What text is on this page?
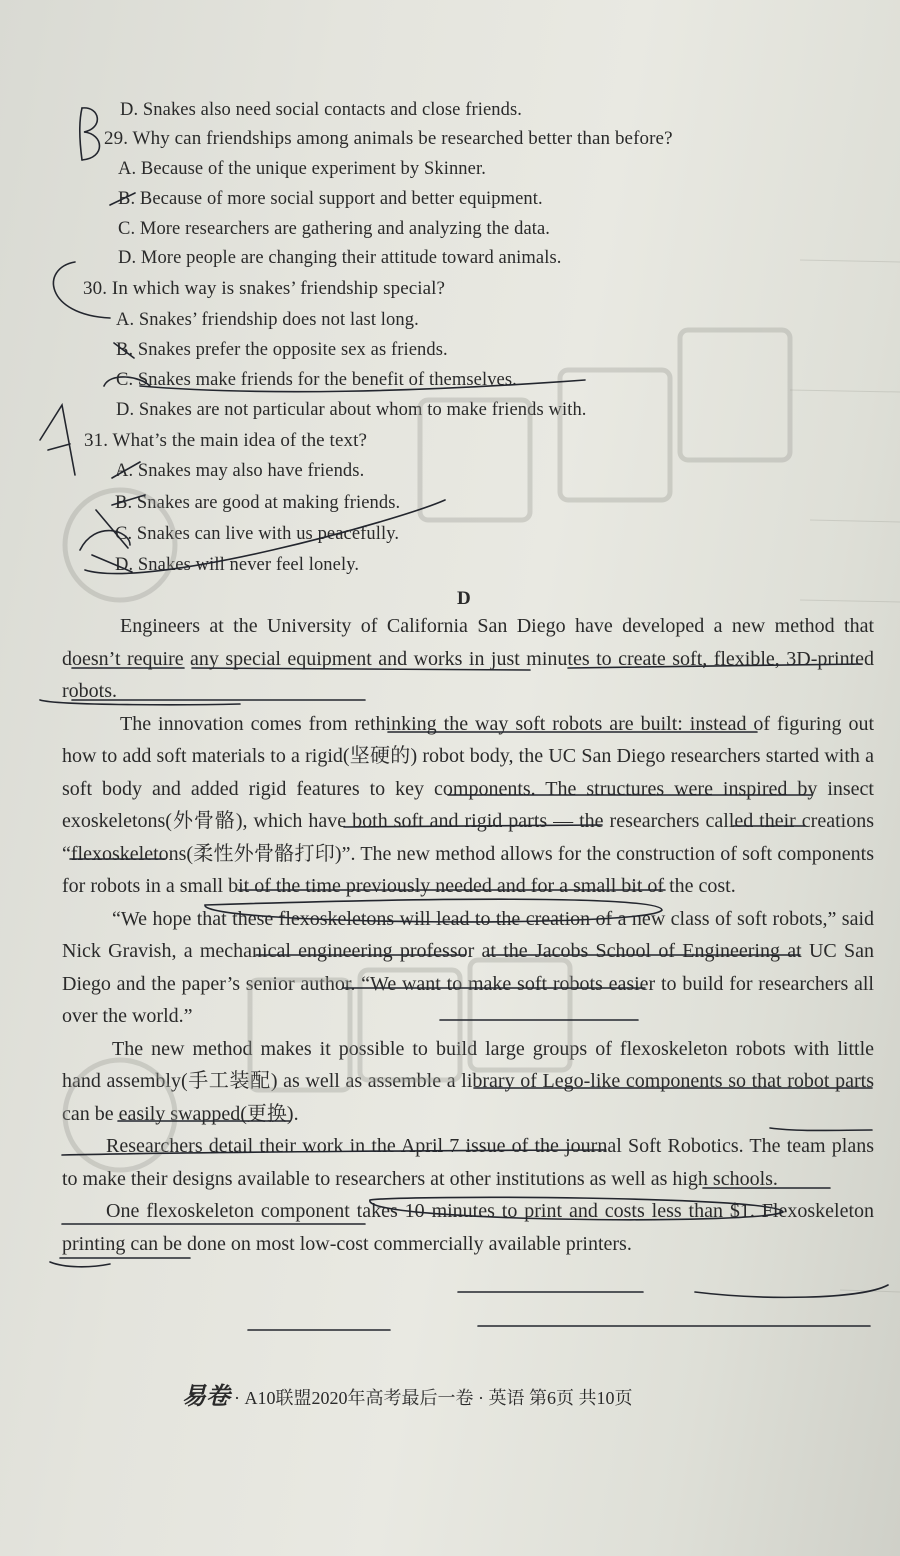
D. Snakes also need social contacts and close friends.
29. Why can friendships among animals be researched better than before?
A. Because of the unique experiment by Skinner.
B. Because of more social support and better equipment.
C. More researchers are gathering and analyzing the data.
D. More people are changing their attitude toward animals.
30. In which way is snakes’ friendship special?
A. Snakes’ friendship does not last long.
B. Snakes prefer the opposite sex as friends.
C. Snakes make friends for the benefit of themselves.
D. Snakes are not particular about whom to make friends with.
31. What’s the main idea of the text?
A. Snakes may also have friends.
B. Snakes are good at making friends.
C. Snakes can live with us peacefully.
D. Snakes will never feel lonely.
D

Engineers at the University of California San Diego have developed a new method that doesn’t require any special equipment and works in just minutes to create soft, flexible, 3D-printed robots.

The innovation comes from rethinking the way soft robots are built: instead of figuring out how to add soft materials to a rigid(坚硬的) robot body, the UC San Diego researchers started with a soft body and added rigid features to key components. The structures were inspired by insect exoskeletons(外骨骼), which have both soft and rigid parts — the researchers called their creations “flexoskeletons(柔性外骨骼打印)”. The new method allows for the construction of soft components for robots in a small bit of the time previously needed and for a small bit of the cost.

“We hope that these flexoskeletons will lead to the creation of a new class of soft robots,” said Nick Gravish, a mechanical engineering professor at the Jacobs School of Engineering at UC San Diego and the paper’s senior author. “We want to make soft robots easier to build for researchers all over the world.”

The new method makes it possible to build large groups of flexoskeleton robots with little hand assembly(手工装配) as well as assemble a library of Lego-like components so that robot parts can be easily swapped(更换).

Researchers detail their work in the April 7 issue of the journal Soft Robotics. The team plans to make their designs available to researchers at other institutions as well as high schools.

One flexoskeleton component takes 10 minutes to print and costs less than $1. Flexoskeleton printing can be done on most low-cost commercially available printers.

易卷 · A10联盟2020年高考最后一卷 · 英语 第6页 共10页
